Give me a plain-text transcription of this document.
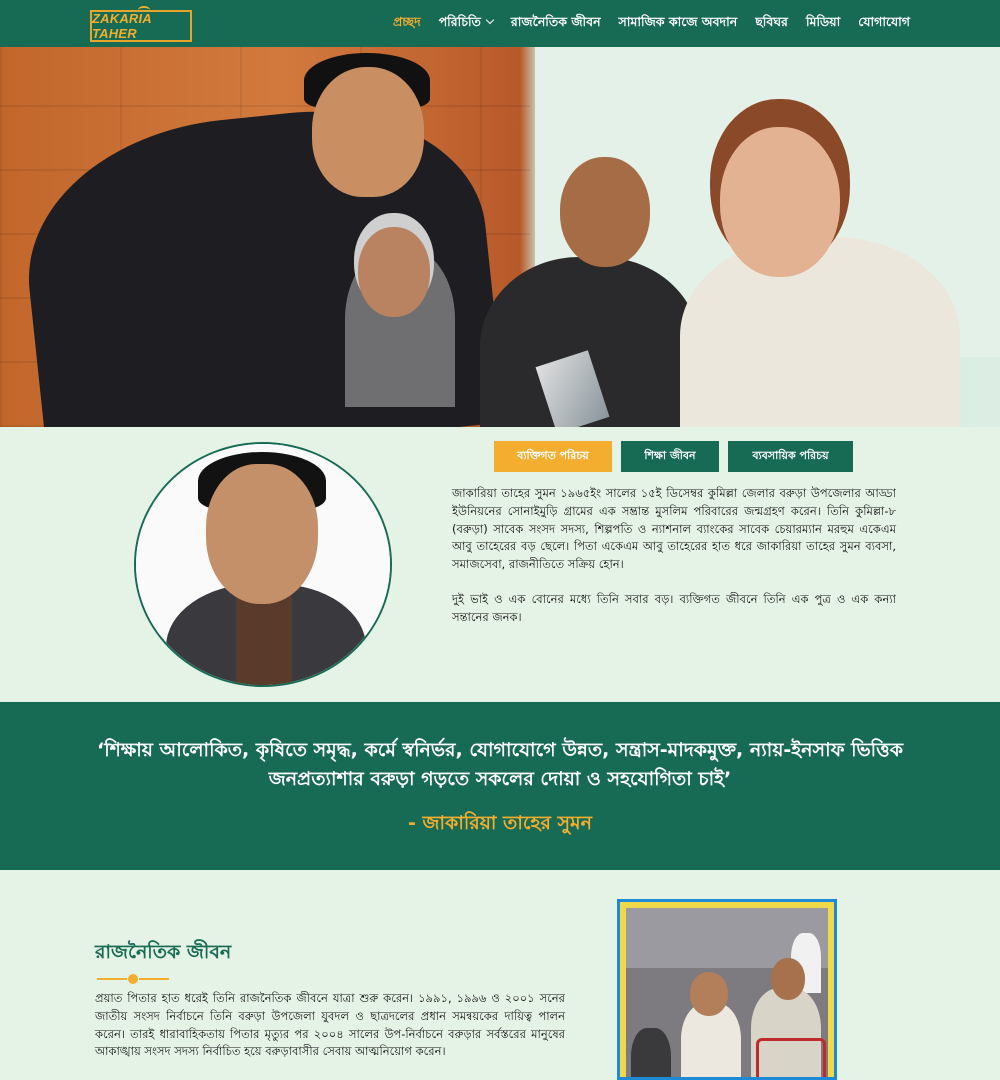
ZAKARIA TAHER
প্রচ্ছদ পরিচিতি	রাজনৈতিক জীবন সামাজিক কাজে অবদান ছবিঘর মিডিয়া যোগাযোগ
ব্যক্তিগত পরিচয়	শিক্ষা জীবন	ব্যবসায়িক পরিচয়

জাকারিয়া তাহের সুমন ১৯৬৫ইং সালের ১৫ই ডিসেম্বর কুমিল্লা জেলার বরুড়া উপজেলার আড্ডা ইউনিয়নের সোনাইমুড়ি গ্রামের এক সম্ভ্রান্ত মুসলিম পরিবারের জন্মগ্রহণ করেন। তিনি কুমিল্লা-৮ (বরুড়া) সাবেক সংসদ সদস্য, শিল্পপতি ও ন্যাশনাল ব্যাংকের সাবেক চেয়ারম্যান মরহুম একেএম আবু তাহেরের বড় ছেলে। পিতা একেএম আবু তাহেরের হাত ধরে জাকারিয়া তাহের সুমন ব্যবসা, সমাজসেবা, রাজনীতিতে সক্রিয় হোন।

দুই ভাই ও এক বোনের মধ্যে তিনি সবার বড়। ব্যক্তিগত জীবনে তিনি এক পুত্র ও এক কন্যা সন্তানের জনক।

‘শিক্ষায় আলোকিত, কৃষিতে সমৃদ্ধ, কর্মে স্বনির্ভর, যোগাযোগে উন্নত, সন্ত্রাস-মাদকমুক্ত, ন্যায়-ইনসাফ ভিত্তিক জনপ্রত্যাশার বরুড়া গড়তে সকলের দোয়া ও সহযোগিতা চাই’
- জাকারিয়া তাহের সুমন
রাজনৈতিক জীবন

প্রয়াত পিতার হাত ধরেই তিনি রাজনৈতিক জীবনে যাত্রা শুরু করেন। ১৯৯১, ১৯৯৬ ও ২০০১ সনের জাতীয় সংসদ নির্বাচনে তিনি বরুড়া উপজেলা যুবদল ও ছাত্রদলের প্রধান সমন্বয়কের দায়িত্ব পালন করেন। তারই ধারাবাহিকতায় পিতার মৃত্যুর পর ২০০৪ সালের উপ-নির্বাচনে বরুড়ার সর্বস্তরের মানুষের আকাঙ্খায় সংসদ সদস্য নির্বাচিত হয়ে বরুড়াবাসীর সেবায় আত্মনিয়োগ করেন।
